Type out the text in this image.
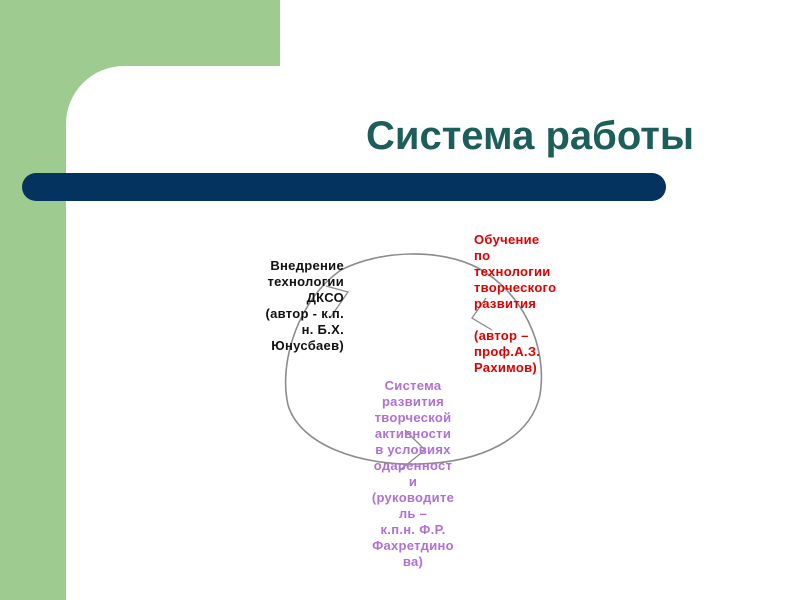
Система работы
Внедрение
технологии
ДКСО
(автор - к.п.
н. Б.Х.
Юнусбаев)
Обучение
по
технологии
творческого
развития

(автор –
проф.А.З.
Рахимов)
Система
развития
творческой
активности
в условиях
одаренност
и
(руководите
ль –
к.п.н. Ф.Р.
Фахретдино
ва)
